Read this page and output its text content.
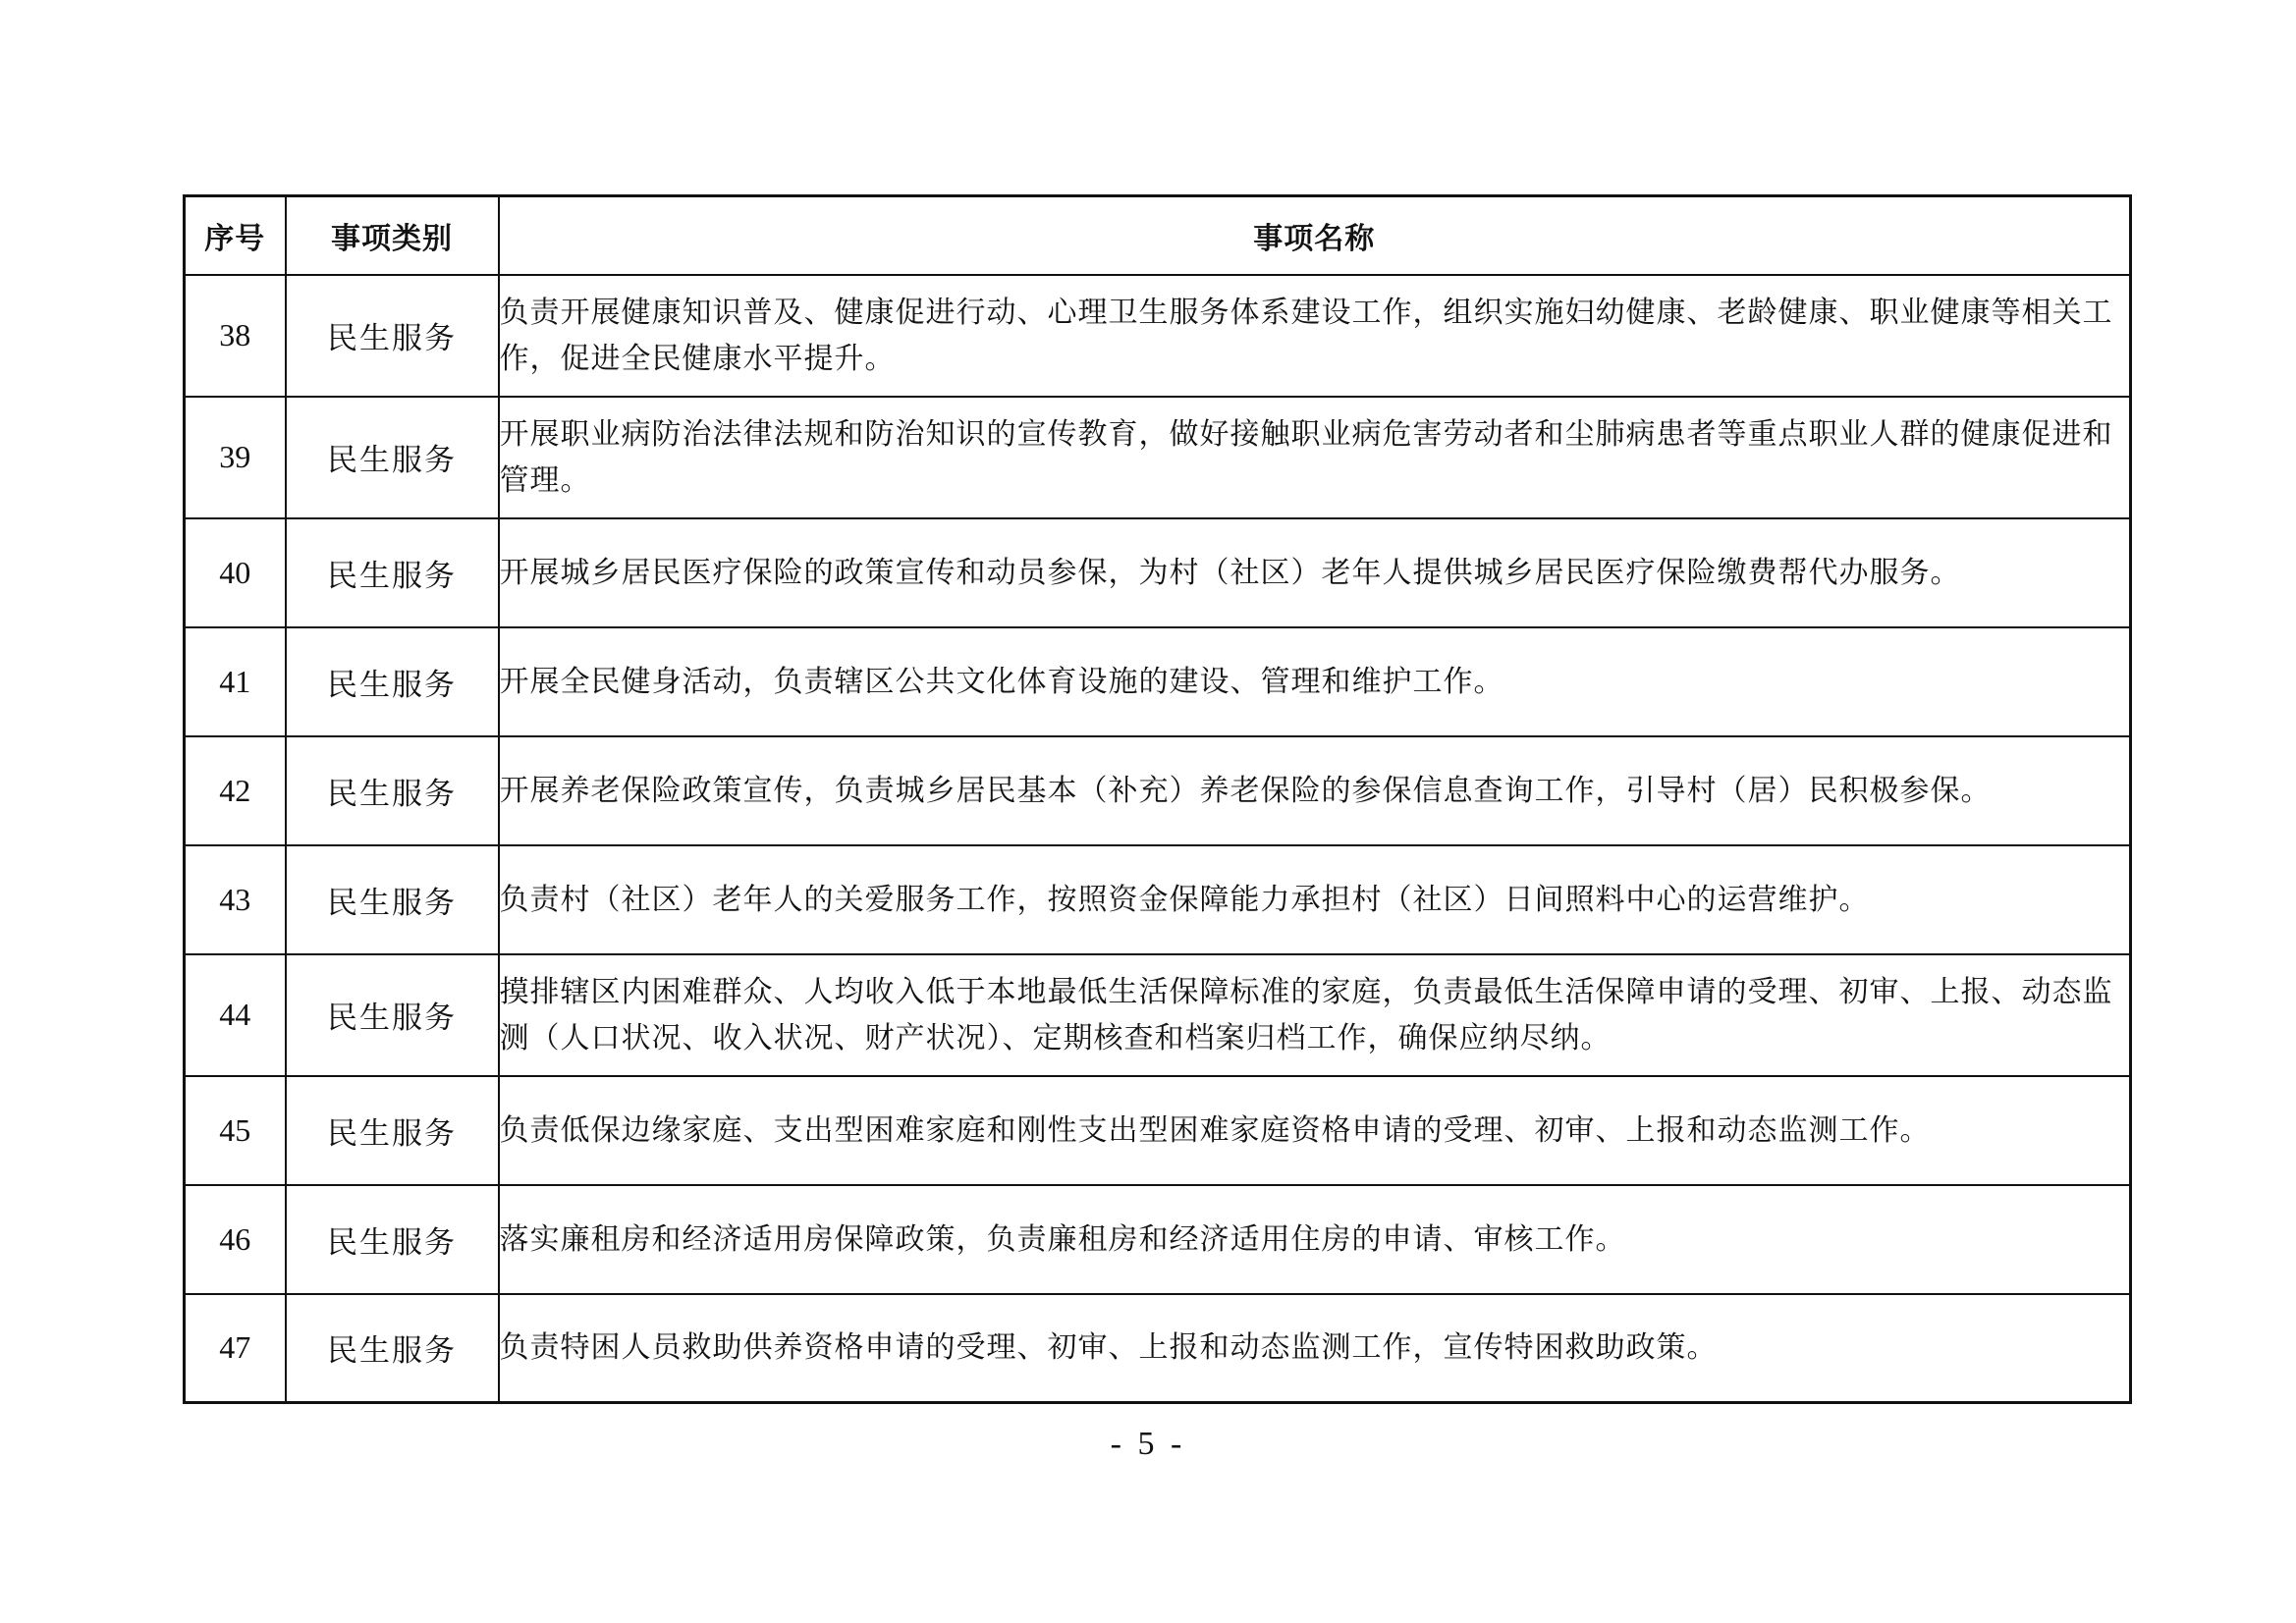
序号	事项类别	事项名称
38	民生服务	负责开展健康知识普及、健康促进行动、心理卫生服务体系建设工作，组织实施妇幼健康、老龄健康、职业健康等相关工作，促进全民健康水平提升。
39	民生服务	开展职业病防治法律法规和防治知识的宣传教育，做好接触职业病危害劳动者和尘肺病患者等重点职业人群的健康促进和管理。
40	民生服务	开展城乡居民医疗保险的政策宣传和动员参保，为村（社区）老年人提供城乡居民医疗保险缴费帮代办服务。
41	民生服务	开展全民健身活动，负责辖区公共文化体育设施的建设、管理和维护工作。
42	民生服务	开展养老保险政策宣传，负责城乡居民基本（补充）养老保险的参保信息查询工作，引导村（居）民积极参保。
43	民生服务	负责村（社区）老年人的关爱服务工作，按照资金保障能力承担村（社区）日间照料中心的运营维护。
44	民生服务	摸排辖区内困难群众、人均收入低于本地最低生活保障标准的家庭，负责最低生活保障申请的受理、初审、上报、动态监测（人口状况、收入状况、财产状况）、定期核查和档案归档工作，确保应纳尽纳。
45	民生服务	负责低保边缘家庭、支出型困难家庭和刚性支出型困难家庭资格申请的受理、初审、上报和动态监测工作。
46	民生服务	落实廉租房和经济适用房保障政策，负责廉租房和经济适用住房的申请、审核工作。
47	民生服务	负责特困人员救助供养资格申请的受理、初审、上报和动态监测工作，宣传特困救助政策。
- 5 -
